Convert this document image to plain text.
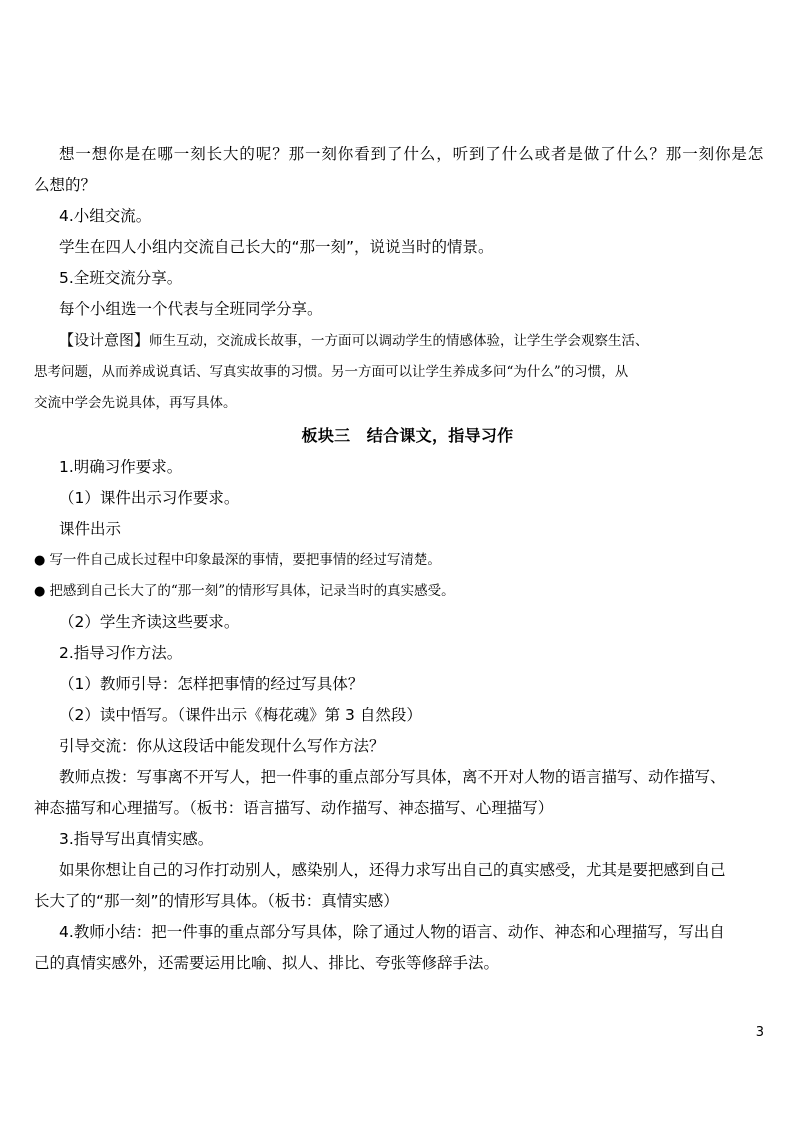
想一想你是在哪一刻长大的呢？那一刻你看到了什么，听到了什么或者是做了什么？那一刻你是怎

么想的？

4.小组交流。

学生在四人小组内交流自己长大的“那一刻”，说说当时的情景。

5.全班交流分享。

每个小组选一个代表与全班同学分享。

【设计意图】师生互动，交流成长故事，一方面可以调动学生的情感体验，让学生学会观察生活、

思考问题，从而养成说真话、写真实故事的习惯。另一方面可以让学生养成多问“为什么”的习惯，从

交流中学会先说具体，再写具体。

板块三　结合课文，指导习作

1.明确习作要求。

（1）课件出示习作要求。

课件出示

● 写一件自己成长过程中印象最深的事情，要把事情的经过写清楚。

● 把感到自己长大了的“那一刻”的情形写具体，记录当时的真实感受。

（2）学生齐读这些要求。

2.指导习作方法。

（1）教师引导：怎样把事情的经过写具体？

（2）读中悟写。（课件出示《梅花魂》第 3 自然段）

引导交流：你从这段话中能发现什么写作方法？

教师点拨：写事离不开写人，把一件事的重点部分写具体，离不开对人物的语言描写、动作描写、

神态描写和心理描写。（板书：语言描写、动作描写、神态描写、心理描写）

3.指导写出真情实感。

如果你想让自己的习作打动别人，感染别人，还得力求写出自己的真实感受，尤其是要把感到自己

长大了的“那一刻”的情形写具体。（板书：真情实感）

4.教师小结：把一件事的重点部分写具体，除了通过人物的语言、动作、神态和心理描写，写出自

己的真情实感外，还需要运用比喻、拟人、排比、夸张等修辞手法。

3
